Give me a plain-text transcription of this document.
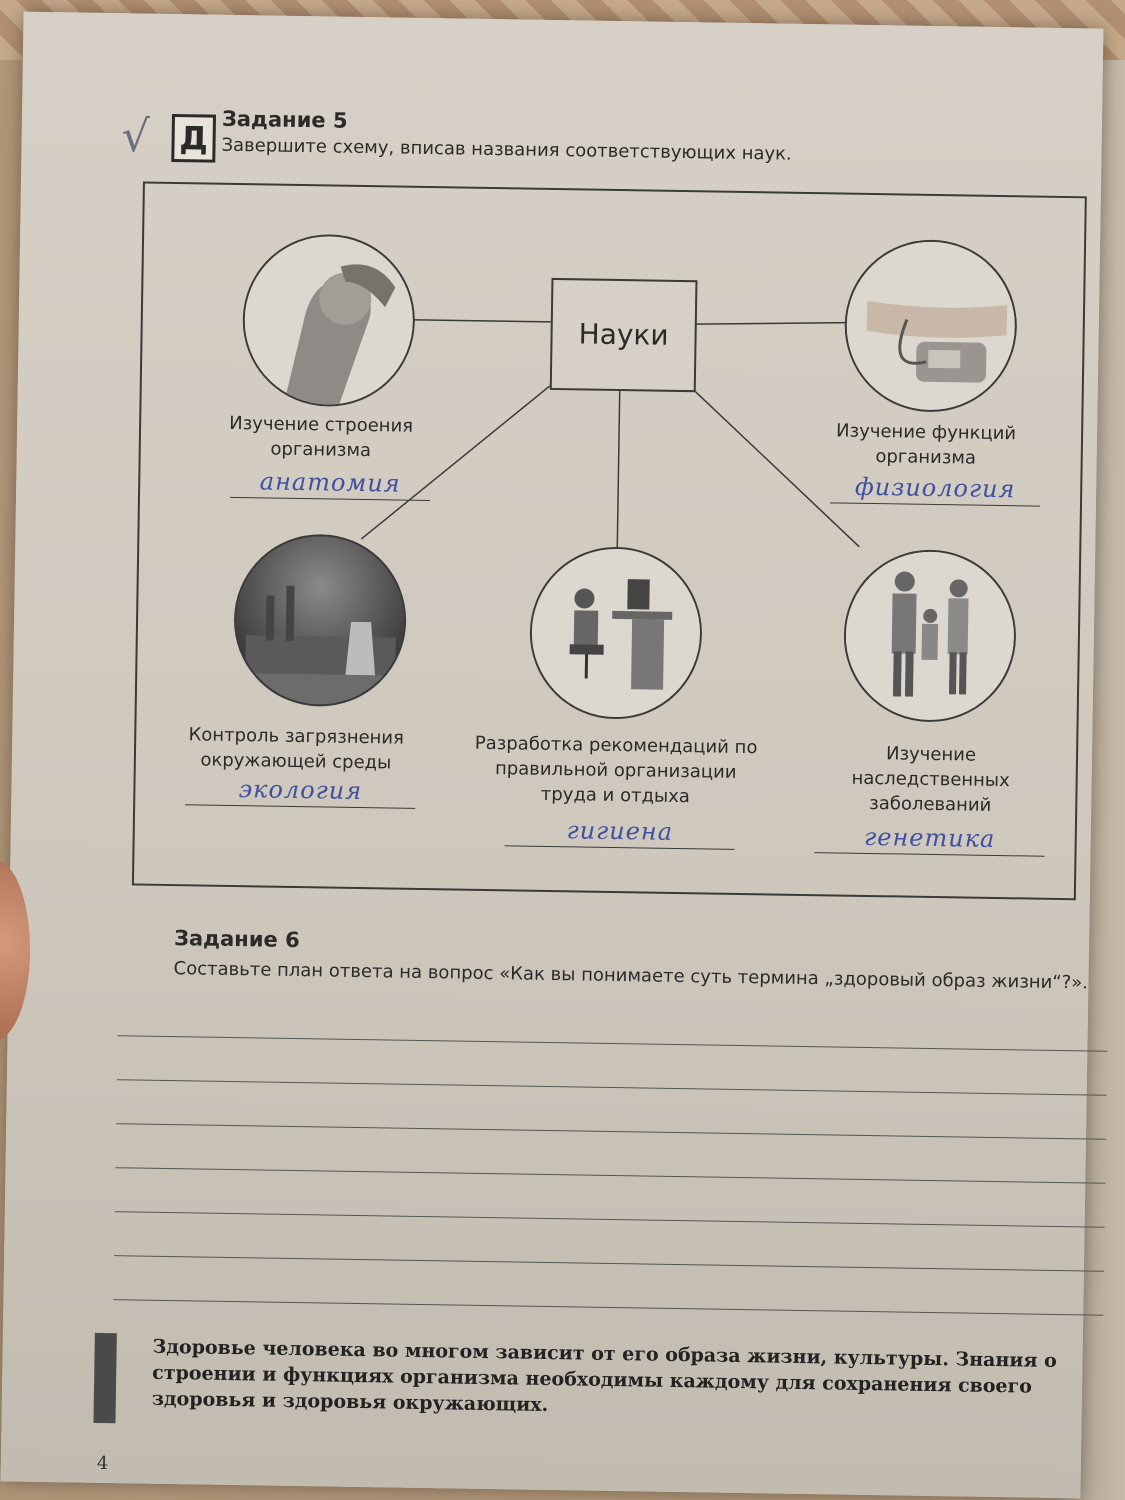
√ Д Задание 5
Завершите схему, вписав названия соответствующих наук.
Науки
Изучение строения организма
анатомия
Изучение функций организма
физиология
Контроль загрязнения окружающей среды
экология
Разработка рекомендаций по правильной организации труда и отдыха
гигиена
Изучение наследственных заболеваний
генетика
Задание 6
Составьте план ответа на вопрос «Как вы понимаете суть термина „здоровый образ жизни“?».
Здоровье человека во многом зависит от его образа жизни, культуры. Знания о строении и функциях организма необходимы каждому для сохранения своего здоровья и здоровья окружающих.
4
